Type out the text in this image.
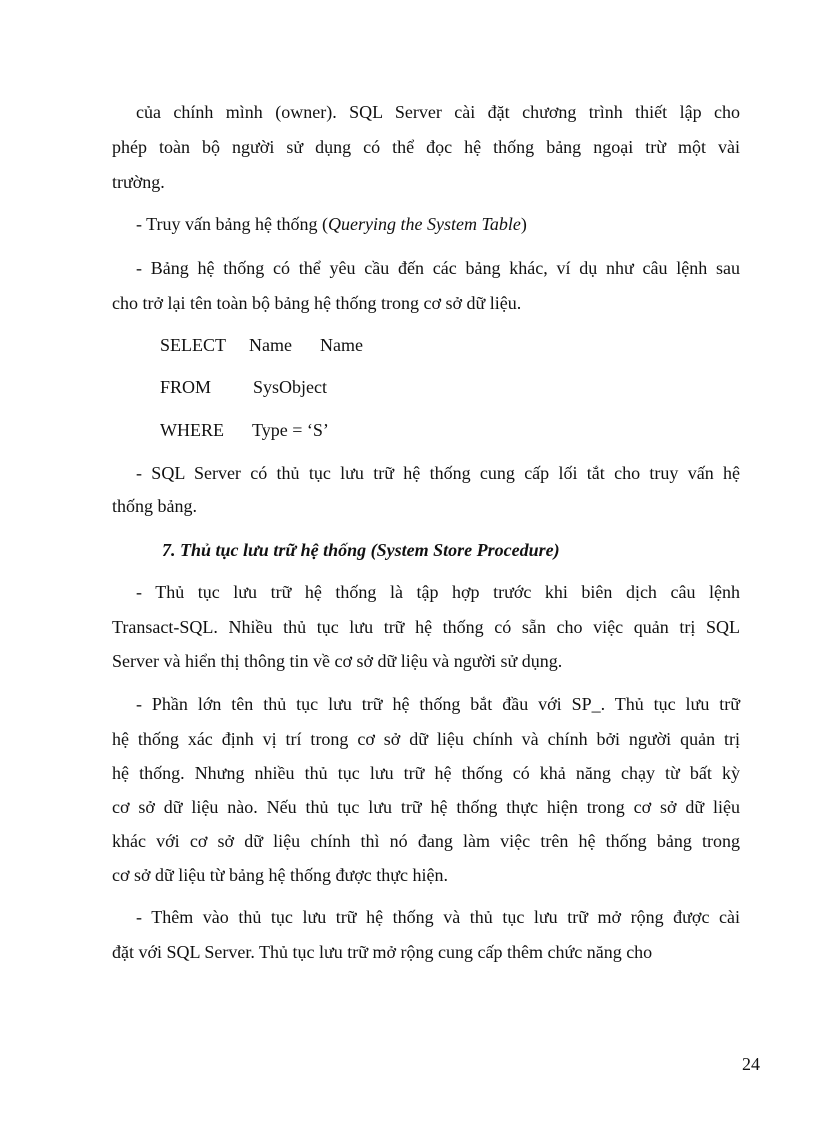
của chính mình (owner). SQL Server cài đặt chương trình thiết lập cho
phép toàn bộ người sử dụng có thể đọc hệ thống bảng ngoại trừ một vài
trường.
- Truy vấn bảng hệ thống (Querying the System Table)
- Bảng hệ thống có thể yêu cầu đến các bảng khác, ví dụ như câu lệnh sau
cho trở lại tên toàn bộ bảng hệ thống trong cơ sở dữ liệu.
SELECT Name Name
FROM SysObject
WHERE Type = ‘S’
- SQL Server có thủ tục lưu trữ hệ thống cung cấp lối tắt cho truy vấn hệ
thống bảng.
7. Thủ tục lưu trữ hệ thống (System Store Procedure)
- Thủ tục lưu trữ hệ thống là tập hợp trước khi biên dịch câu lệnh
Transact-SQL. Nhiều thủ tục lưu trữ hệ thống có sẵn cho việc quản trị SQL
Server và hiển thị thông tin về cơ sở dữ liệu và người sử dụng.
- Phần lớn tên thủ tục lưu trữ hệ thống bắt đầu với SP_. Thủ tục lưu trữ
hệ thống xác định vị trí trong cơ sở dữ liệu chính và chính bởi người quản trị
hệ thống. Nhưng nhiều thủ tục lưu trữ hệ thống có khả năng chạy từ bất kỳ
cơ sở dữ liệu nào. Nếu thủ tục lưu trữ hệ thống thực hiện trong cơ sở dữ liệu
khác với cơ sở dữ liệu chính thì nó đang làm việc trên hệ thống bảng trong
cơ sở dữ liệu từ bảng hệ thống được thực hiện.
- Thêm vào thủ tục lưu trữ hệ thống và thủ tục lưu trữ mở rộng được cài
đặt với SQL Server. Thủ tục lưu trữ mở rộng cung cấp thêm chức năng cho
24
